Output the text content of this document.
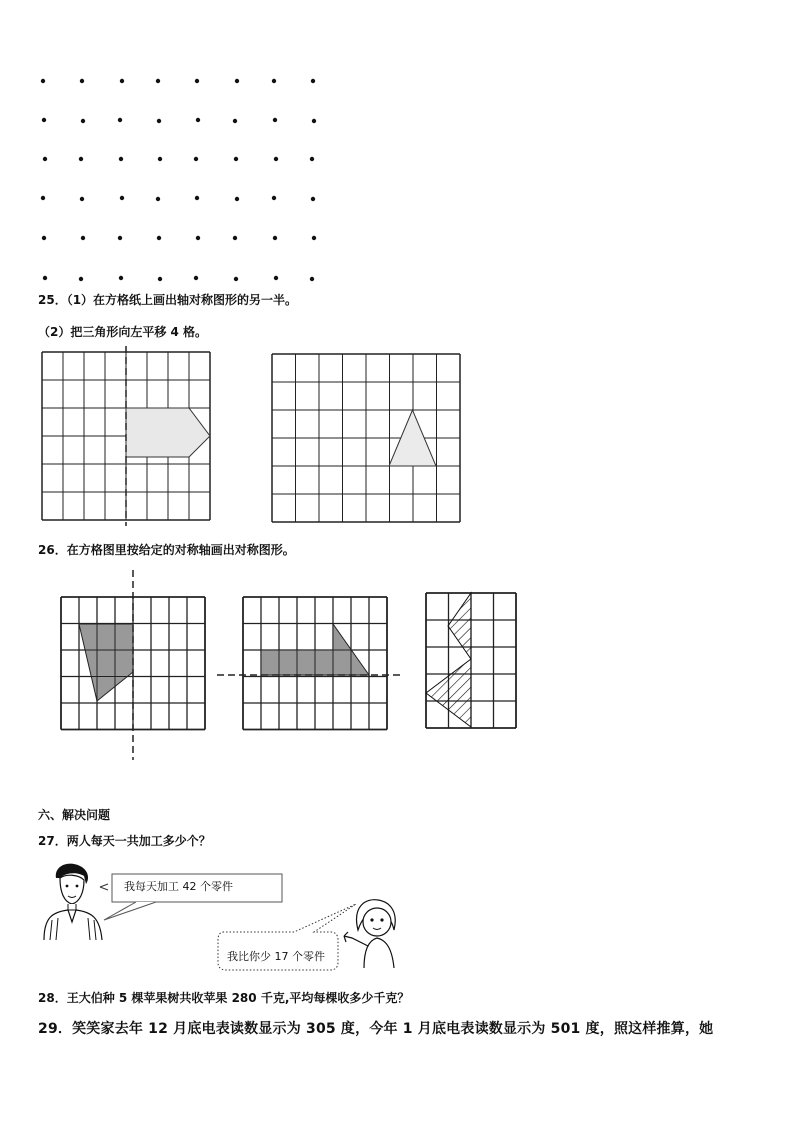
25．（1）在方格纸上画出轴对称图形的另一半。
（2）把三角形向左平移 4 格。
26．在方格图里按给定的对称轴画出对称图形。
六、解决问题
27．两人每天一共加工多少个？
我每天加工 42 个零件
我比你少 17 个零件
28．王大伯种 5 棵苹果树共收苹果 280 千克,平均每棵收多少千克？
29．笑笑家去年 12 月底电表读数显示为 305 度，今年 1 月底电表读数显示为 501 度，照这样推算，她
